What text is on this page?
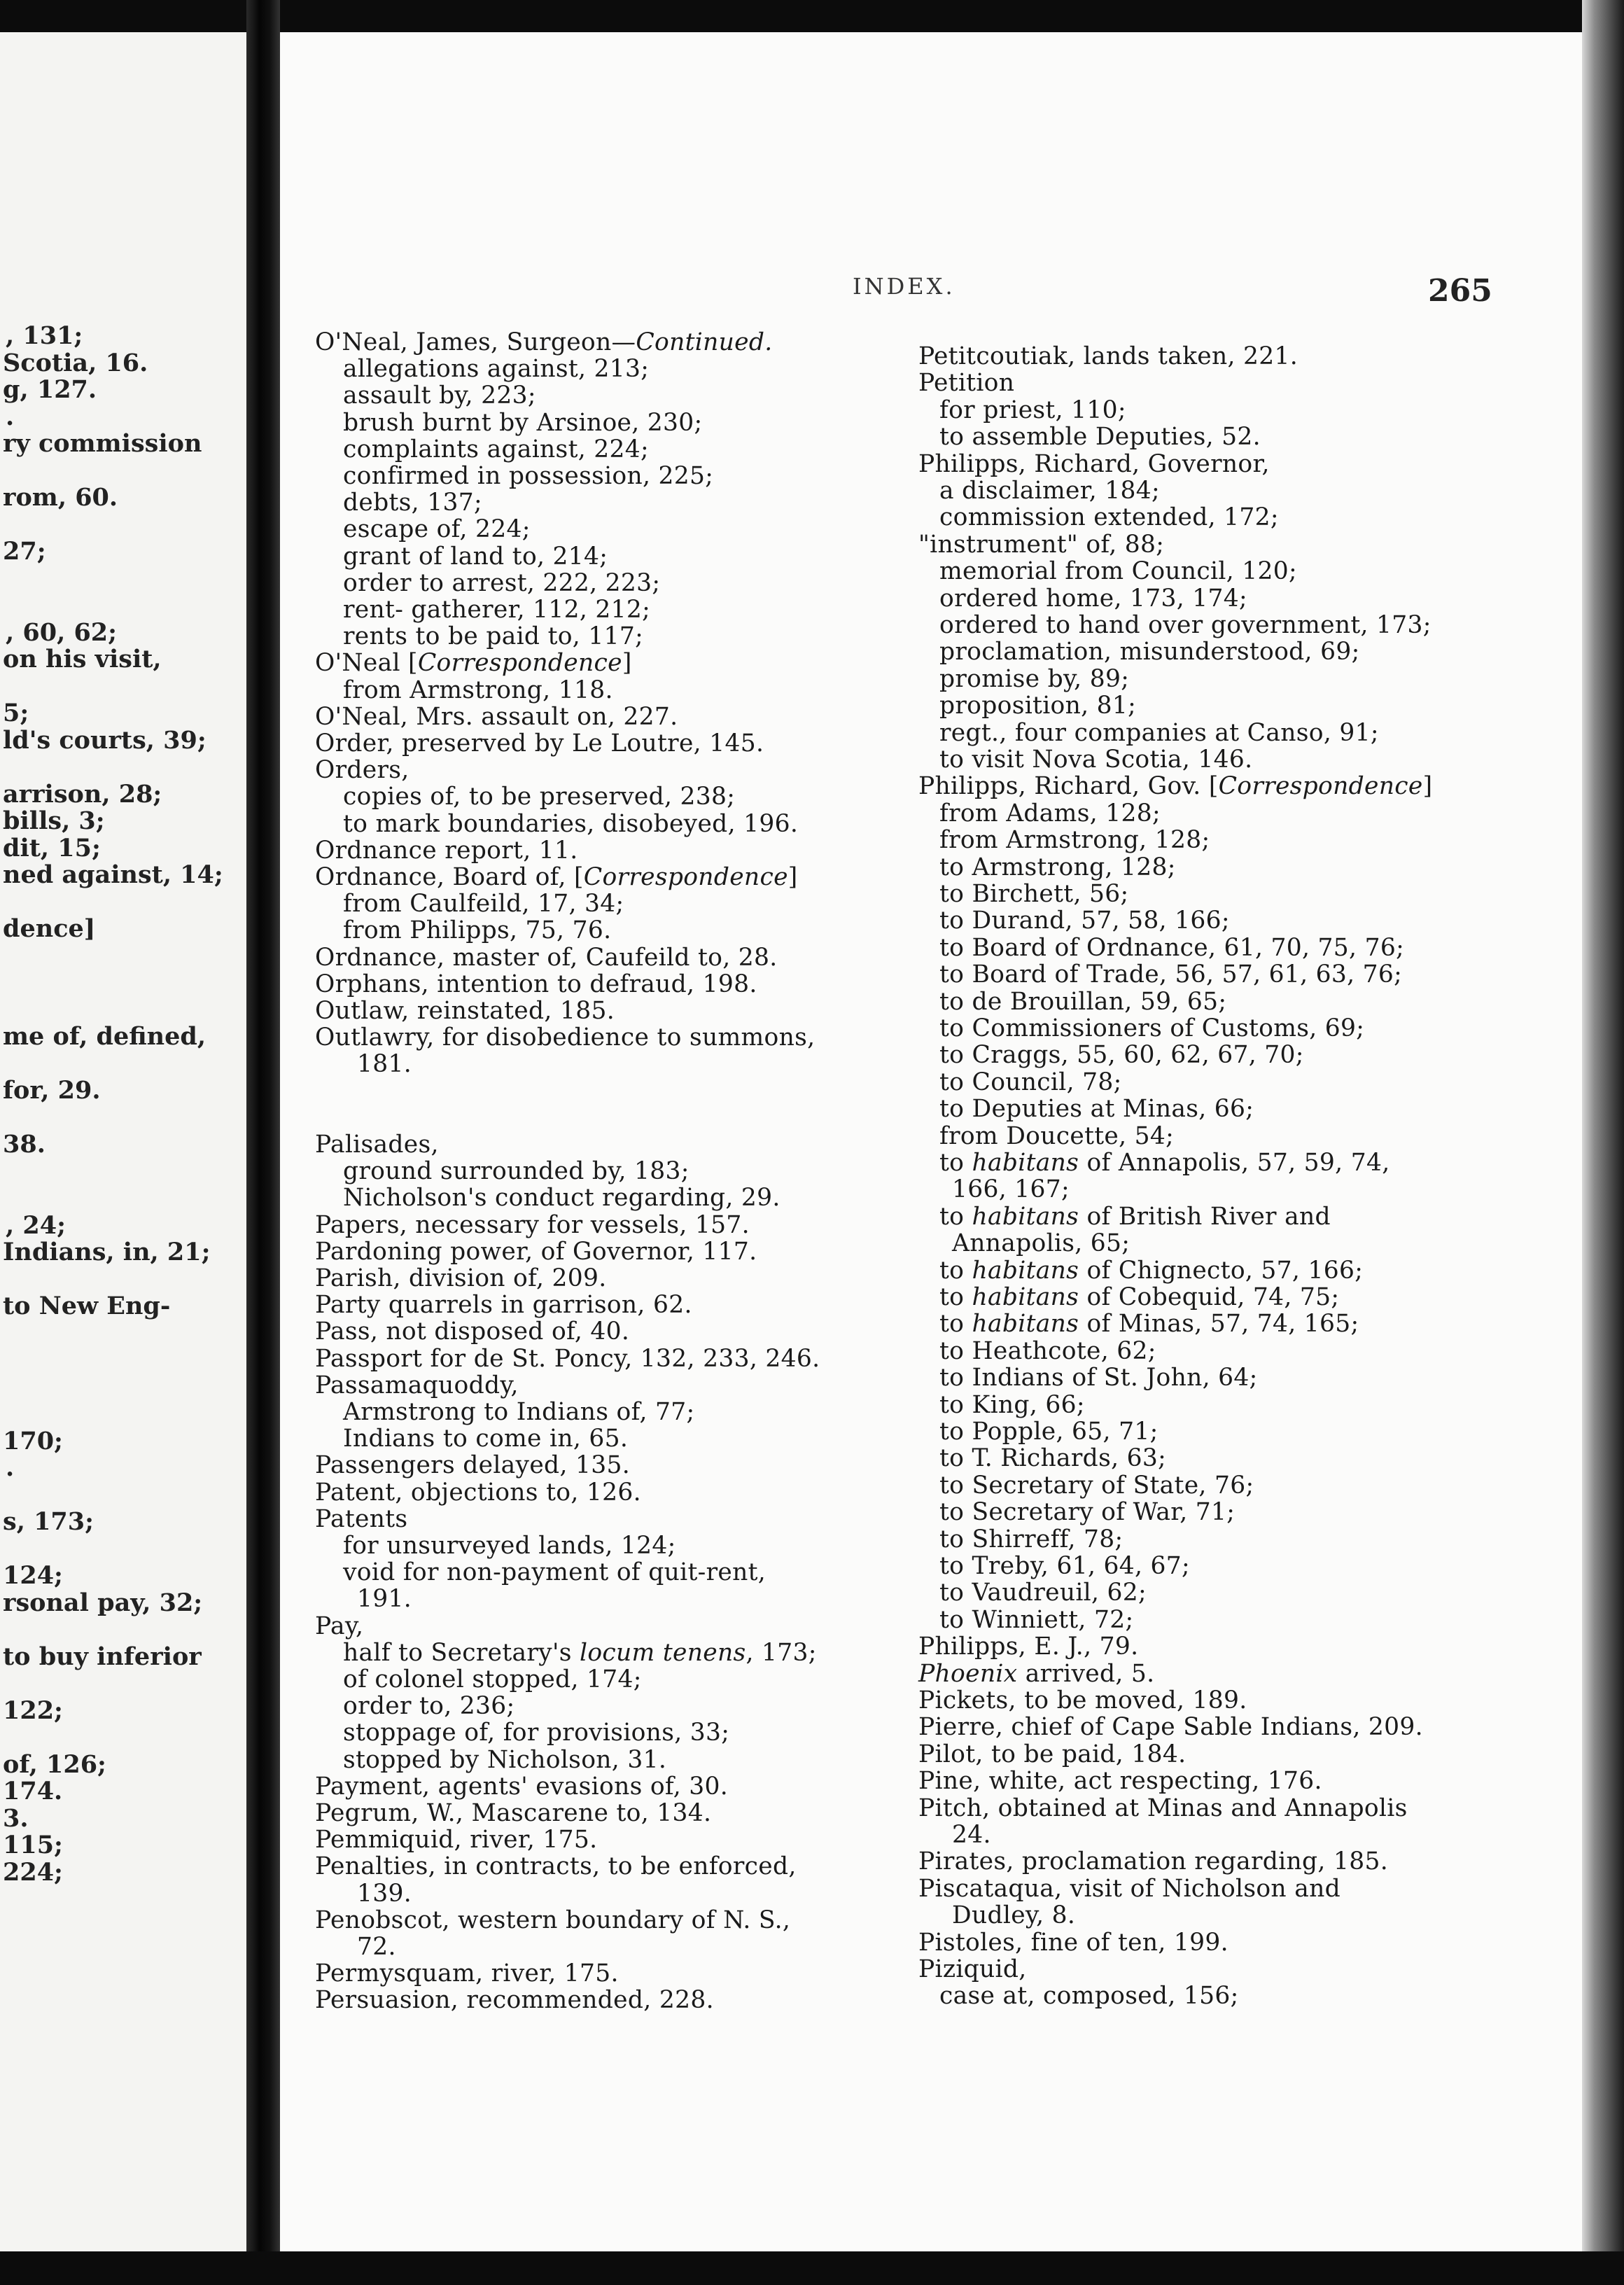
, 131;
Scotia, 16.
g, 127.
.
ry commission
rom, 60.
27;
, 60, 62;
on his visit,
5;
ld's courts, 39;
arrison, 28;
bills, 3;
dit, 15;
ned against, 14;
dence]
me of, defined,
for, 29.
38.
, 24;
Indians, in, 21;
to New Eng-
170;
.
s, 173;
124;
rsonal pay, 32;
to buy inferior
122;
of, 126;
174.
3.
115;
224;
INDEX.	265
O'Neal, James, Surgeon—Continued.
allegations against, 213;
assault by, 223;
brush burnt by Arsinoe, 230;
complaints against, 224;
confirmed in possession, 225;
debts, 137;
escape of, 224;
grant of land to, 214;
order to arrest, 222, 223;
rent- gatherer, 112, 212;
rents to be paid to, 117;
O'Neal [Correspondence]
from Armstrong, 118.
O'Neal, Mrs. assault on, 227.
Order, preserved by Le Loutre, 145.
Orders,
copies of, to be preserved, 238;
to mark boundaries, disobeyed, 196.
Ordnance report, 11.
Ordnance, Board of, [Correspondence]
from Caulfeild, 17, 34;
from Philipps, 75, 76.
Ordnance, master of, Caufeild to, 28.
Orphans, intention to defraud, 198.
Outlaw, reinstated, 185.
Outlawry, for disobedience to summons,
181.
Palisades,
ground surrounded by, 183;
Nicholson's conduct regarding, 29.
Papers, necessary for vessels, 157.
Pardoning power, of Governor, 117.
Parish, division of, 209.
Party quarrels in garrison, 62.
Pass, not disposed of, 40.
Passport for de St. Poncy, 132, 233, 246.
Passamaquoddy,
Armstrong to Indians of, 77;
Indians to come in, 65.
Passengers delayed, 135.
Patent, objections to, 126.
Patents
for unsurveyed lands, 124;
void for non-payment of quit-rent,
191.
Pay,
half to Secretary's locum tenens, 173;
of colonel stopped, 174;
order to, 236;
stoppage of, for provisions, 33;
stopped by Nicholson, 31.
Payment, agents' evasions of, 30.
Pegrum, W., Mascarene to, 134.
Pemmiquid, river, 175.
Penalties, in contracts, to be enforced,
139.
Penobscot, western boundary of N. S.,
72.
Permysquam, river, 175.
Persuasion, recommended, 228.
Petitcoutiak, lands taken, 221.
Petition
for priest, 110;
to assemble Deputies, 52.
Philipps, Richard, Governor,
a disclaimer, 184;
commission extended, 172;
"instrument" of, 88;
memorial from Council, 120;
ordered home, 173, 174;
ordered to hand over government, 173;
proclamation, misunderstood, 69;
promise by, 89;
proposition, 81;
regt., four companies at Canso, 91;
to visit Nova Scotia, 146.
Philipps, Richard, Gov. [Correspondence]
from Adams, 128;
from Armstrong, 128;
to Armstrong, 128;
to Birchett, 56;
to Durand, 57, 58, 166;
to Board of Ordnance, 61, 70, 75, 76;
to Board of Trade, 56, 57, 61, 63, 76;
to de Brouillan, 59, 65;
to Commissioners of Customs, 69;
to Craggs, 55, 60, 62, 67, 70;
to Council, 78;
to Deputies at Minas, 66;
from Doucette, 54;
to habitans of Annapolis, 57, 59, 74,
166, 167;
to habitans of British River and
Annapolis, 65;
to habitans of Chignecto, 57, 166;
to habitans of Cobequid, 74, 75;
to habitans of Minas, 57, 74, 165;
to Heathcote, 62;
to Indians of St. John, 64;
to King, 66;
to Popple, 65, 71;
to T. Richards, 63;
to Secretary of State, 76;
to Secretary of War, 71;
to Shirreff, 78;
to Treby, 61, 64, 67;
to Vaudreuil, 62;
to Winniett, 72;
Philipps, E. J., 79.
Phoenix arrived, 5.
Pickets, to be moved, 189.
Pierre, chief of Cape Sable Indians, 209.
Pilot, to be paid, 184.
Pine, white, act respecting, 176.
Pitch, obtained at Minas and Annapolis
24.
Pirates, proclamation regarding, 185.
Piscataqua, visit of Nicholson and
Dudley, 8.
Pistoles, fine of ten, 199.
Piziquid,
case at, composed, 156;
